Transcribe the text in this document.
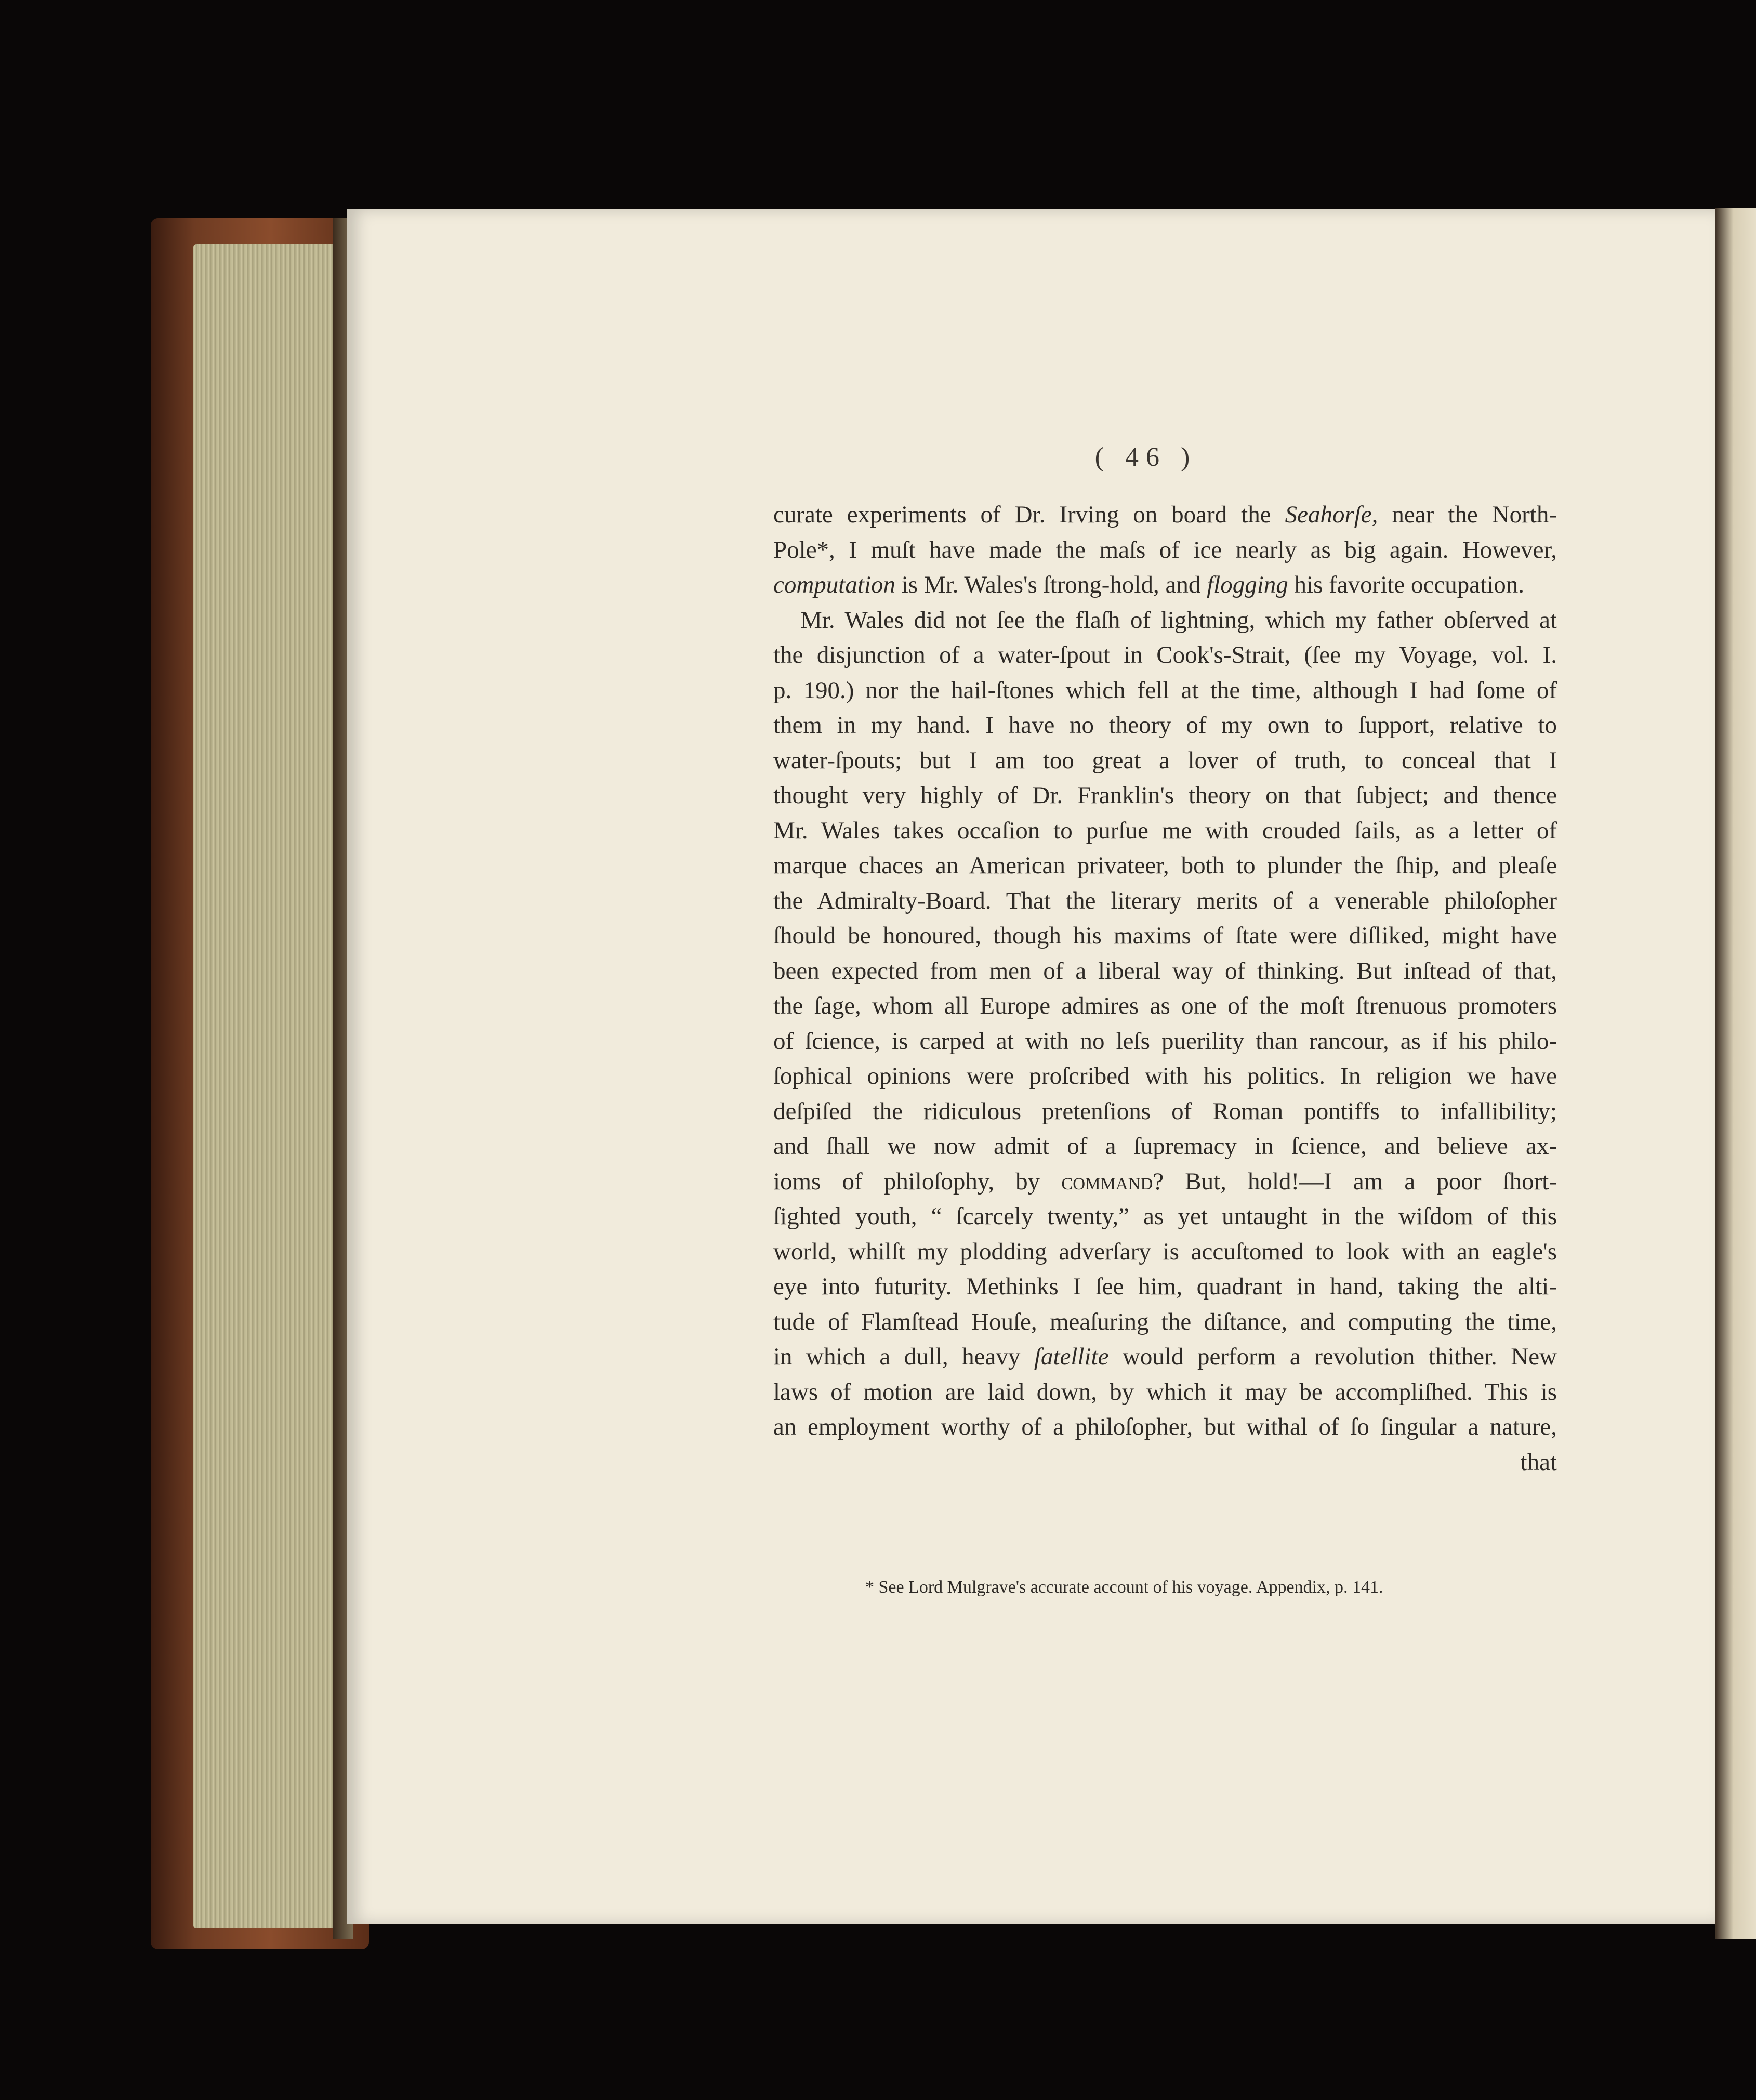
( 46 )
curate experiments of Dr. Irving on board the Seahorſe, near the North-
Pole*, I muſt have made the maſs of ice nearly as big again. However,
computation is Mr. Wales's ſtrong-hold, and flogging his favorite occupation.
Mr. Wales did not ſee the flaſh of lightning, which my father obſerved at
the disjunction of a water-ſpout in Cook's-Strait, (ſee my Voyage, vol. I.
p. 190.) nor the hail-ſtones which fell at the time, although I had ſome of
them in my hand. I have no theory of my own to ſupport, relative to
water-ſpouts; but I am too great a lover of truth, to conceal that I
thought very highly of Dr. Franklin's theory on that ſubject; and thence
Mr. Wales takes occaſion to purſue me with crouded ſails, as a letter of
marque chaces an American privateer, both to plunder the ſhip, and pleaſe
the Admiralty-Board. That the literary merits of a venerable philoſopher
ſhould be honoured, though his maxims of ſtate were diſliked, might have
been expected from men of a liberal way of thinking. But inſtead of that,
the ſage, whom all Europe admires as one of the moſt ſtrenuous promoters
of ſcience, is carped at with no leſs puerility than rancour, as if his philo-
ſophical opinions were proſcribed with his politics. In religion we have
deſpiſed the ridiculous pretenſions of Roman pontiffs to infallibility;
and ſhall we now admit of a ſupremacy in ſcience, and believe ax-
ioms of philoſophy, by command? But, hold!—I am a poor ſhort-
ſighted youth, “ ſcarcely twenty,” as yet untaught in the wiſdom of this
world, whilſt my plodding adverſary is accuſtomed to look with an eagle's
eye into futurity. Methinks I ſee him, quadrant in hand, taking the alti-
tude of Flamſtead Houſe, meaſuring the diſtance, and computing the time,
in which a dull, heavy ſatellite would perform a revolution thither. New
laws of motion are laid down, by which it may be accompliſhed. This is
an employment worthy of a philoſopher, but withal of ſo ſingular a nature,
that
* See Lord Mulgrave's accurate account of his voyage. Appendix, p. 141.
